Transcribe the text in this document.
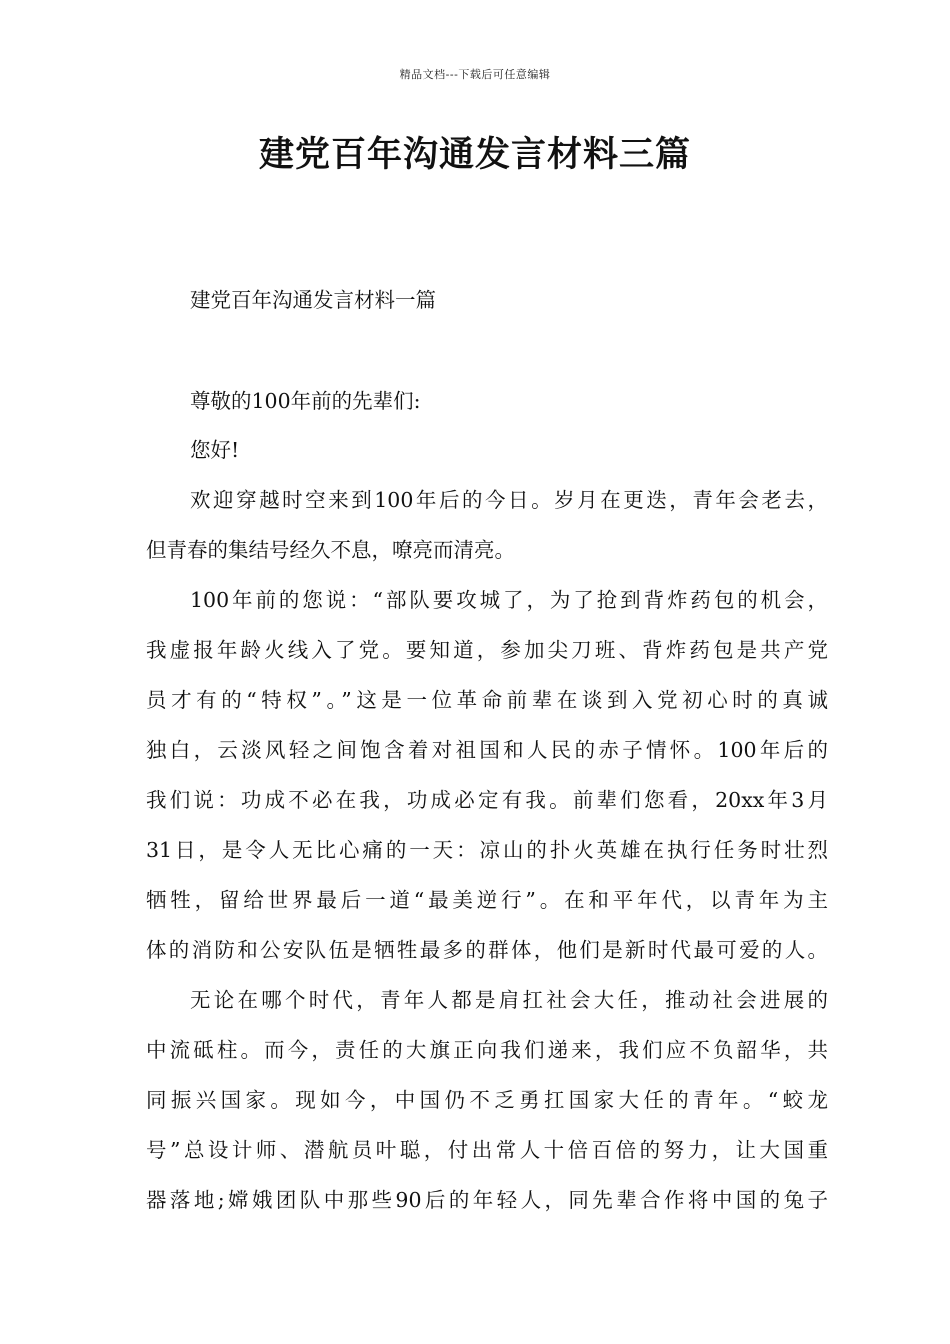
精品文档---下载后可任意编辑
建党百年沟通发言材料三篇
建党百年沟通发言材料一篇

尊敬的100年前的先辈们:

您好!

欢迎穿越时空来到100年后的今日。岁月在更迭，青年会老去，

但青春的集结号经久不息，嘹亮而清亮。

100年前的您说：“部队要攻城了，为了抢到背炸药包的机会，

我虚报年龄火线入了党。要知道，参加尖刀班、背炸药包是共产党

员才有的“特权”。”这是一位革命前辈在谈到入党初心时的真诚

独白，云淡风轻之间饱含着对祖国和人民的赤子情怀。100年后的

我们说：功成不必在我，功成必定有我。前辈们您看，20xx年3月

31日，是令人无比心痛的一天：凉山的扑火英雄在执行任务时壮烈

牺牲，留给世界最后一道“最美逆行”。在和平年代，以青年为主

体的消防和公安队伍是牺牲最多的群体，他们是新时代最可爱的人。

无论在哪个时代，青年人都是肩扛社会大任，推动社会进展的

中流砥柱。而今，责任的大旗正向我们递来，我们应不负韶华，共

同振兴国家。现如今，中国仍不乏勇扛国家大任的青年。“蛟龙

号”总设计师、潜航员叶聪，付出常人十倍百倍的努力，让大国重

器落地;嫦娥团队中那些90后的年轻人，同先辈合作将中国的兔子
